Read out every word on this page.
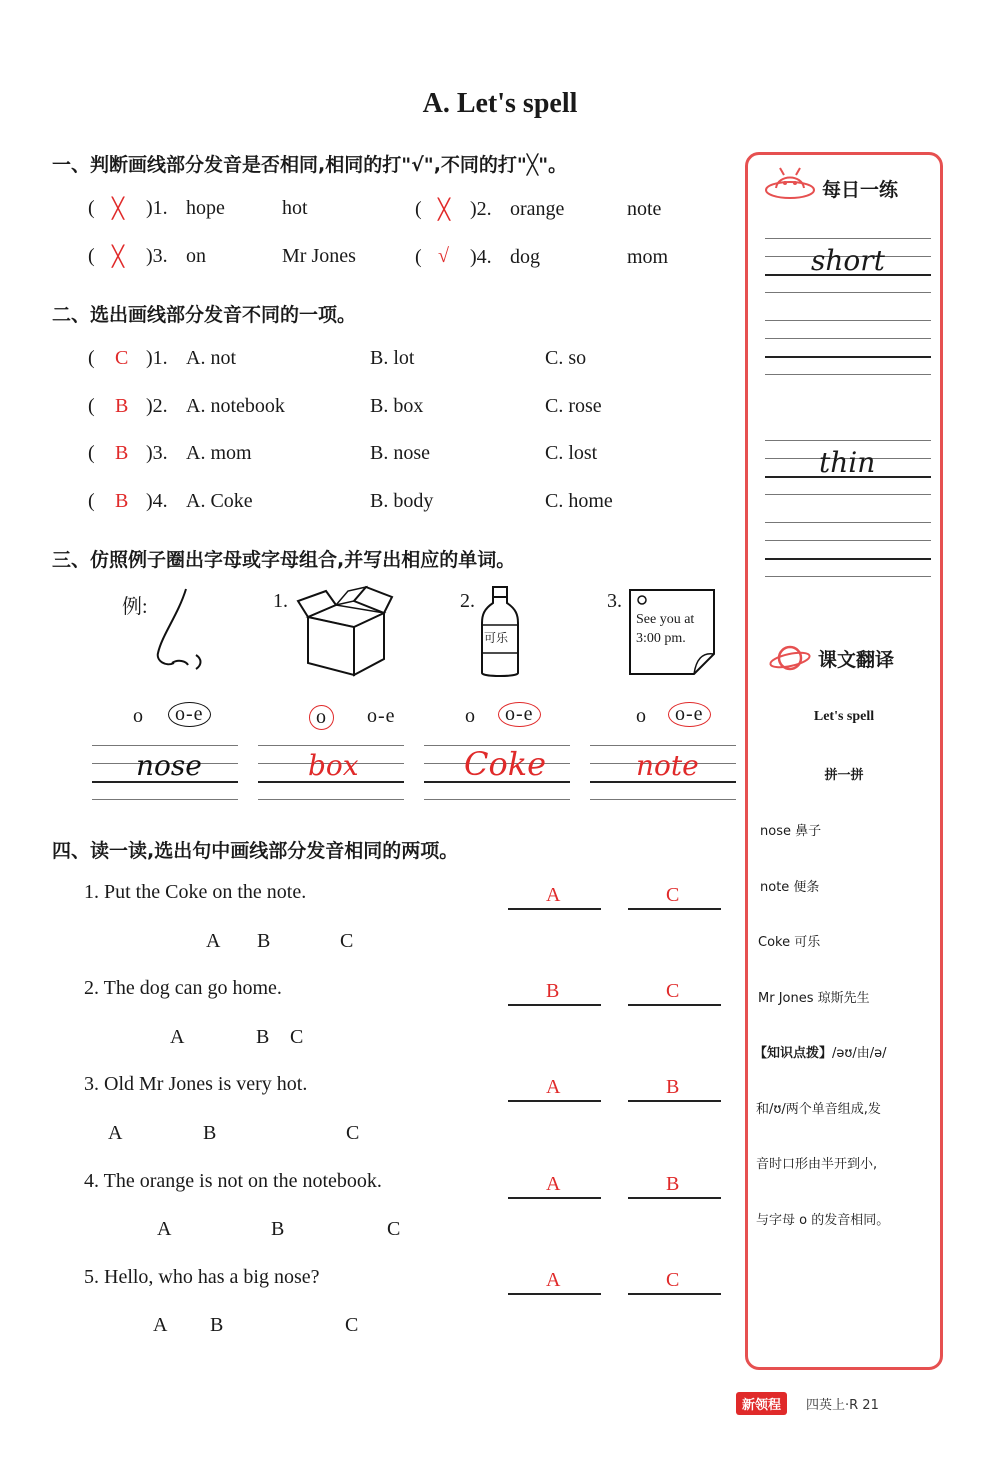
A. Let's spell
一、判断画线部分发音是否相同,相同的打"√",不同的打"╳"。
( ╳ )1. hope	hot	( ╳ )2. orange	note
( ╳ )3. on	Mr Jones	( √ )4. dog	mom
二、选出画线部分发音不同的一项。
( C )1. A. not	B. lot	C. so
( B )2. A. notebook	B. box	C. rose
( B )3. A. mom	B. nose	C. lost
( B )4. A. Coke	B. body	C. home
三、仿照例子圈出字母或字母组合,并写出相应的单词。
例:	1.	2.	3.
可乐
See you at 3:00 pm.
o	o-e	o	o-e	o	o-e	o	o-e
nose	box	Coke	note
四、读一读,选出句中画线部分发音相同的两项。
1. Put the Coke on the note.
A B	C
A	C
2. The dog can go home.
A	B C
B	C
3. Old Mr Jones is very hot.
A	B	C
A	B
4. The orange is not on the notebook.
A	B	C
A	B
5. Hello, who has a big nose?
A B	C
A	C
每日一练
short
thin
课文翻译
Let's spell
拼一拼
nose 鼻子
note 便条
Coke 可乐
Mr Jones 琼斯先生
【知识点拨】/əʊ/由/ə/
和/ʊ/两个单音组成,发
音时口形由半开到小,
与字母 o 的发音相同。
新领程	四英上·R 21
